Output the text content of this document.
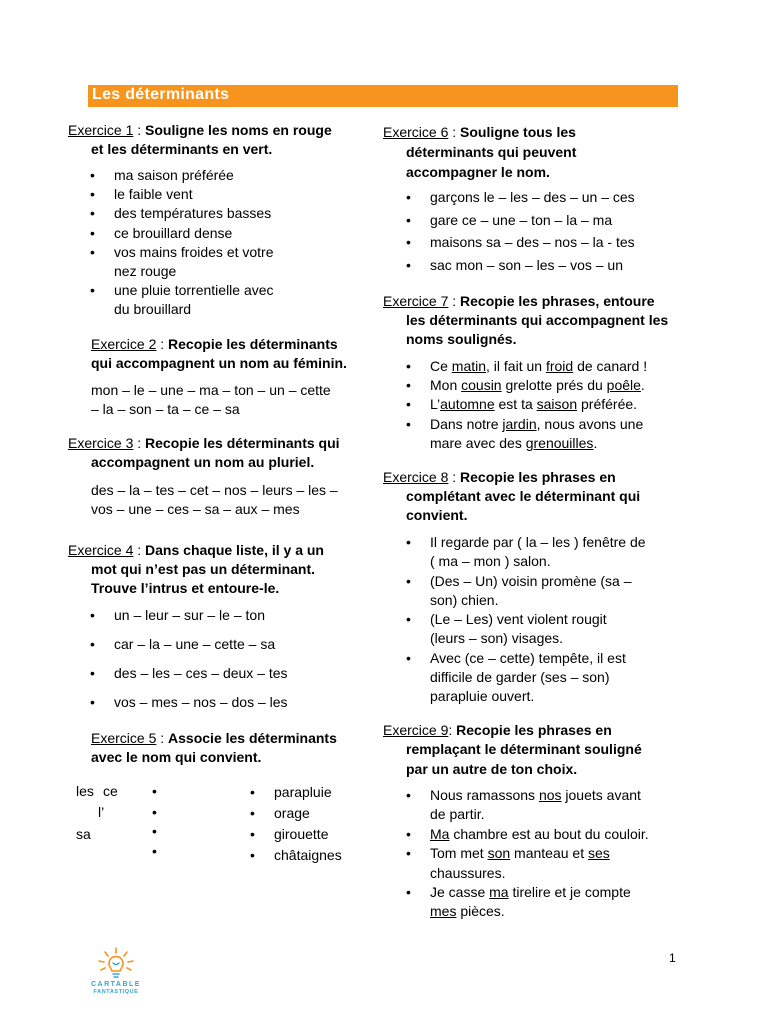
Les déterminants
Exercice 1 : Souligne les noms en rouge
et les déterminants en vert.
• ma saison préférée
• le faible vent
• des températures basses
• ce brouillard dense
• vos mains froides et votre
nez rouge
• une pluie torrentielle avec
du brouillard
Exercice 2 : Recopie les déterminants
qui accompagnent un nom au féminin.
mon – le – une – ma – ton – un – cette
– la – son – ta – ce – sa
Exercice 3 : Recopie les déterminants qui
accompagnent un nom au pluriel.
des – la – tes – cet – nos – leurs – les –
vos – une – ces – sa – aux – mes
Exercice 4 : Dans chaque liste, il y a un
mot qui n’est pas un déterminant.
Trouve l’intrus et entoure-le.
• un – leur – sur – le – ton
• car – la – une – cette – sa
• des – les – ces – deux – tes
• vos – mes – nos – dos – les
Exercice 5 : Associe les déterminants
avec le nom qui convient.
les ce
l’
sa
•
•
•
•
• parapluie
• orage
• girouette
• châtaignes
Exercice 6 : Souligne tous les
déterminants qui peuvent
accompagner le nom.
• garçons le – les – des – un – ces
• gare ce – une – ton – la – ma
• maisons sa – des – nos – la - tes
• sac mon – son – les – vos – un
Exercice 7 : Recopie les phrases, entoure
les déterminants qui accompagnent les
noms soulignés.
• Ce matin, il fait un froid de canard !
• Mon cousin grelotte prés du poêle.
• L’automne est ta saison préférée.
• Dans notre jardin, nous avons une
mare avec des grenouilles.
Exercice 8 : Recopie les phrases en
complétant avec le déterminant qui
convient.
• Il regarde par ( la – les ) fenêtre de
( ma – mon ) salon.
• (Des – Un) voisin promène (sa –
son) chien.
• (Le – Les) vent violent rougit
(leurs – son) visages.
• Avec (ce – cette) tempête, il est
difficile de garder (ses – son)
parapluie ouvert.
Exercice 9: Recopie les phrases en
remplaçant le déterminant souligné
par un autre de ton choix.
• Nous ramassons nos jouets avant
de partir.
• Ma chambre est au bout du couloir.
• Tom met son manteau et ses
chaussures.
• Je casse ma tirelire et je compte
mes pièces.
1
CARTABLE
FANTASTIQUE
